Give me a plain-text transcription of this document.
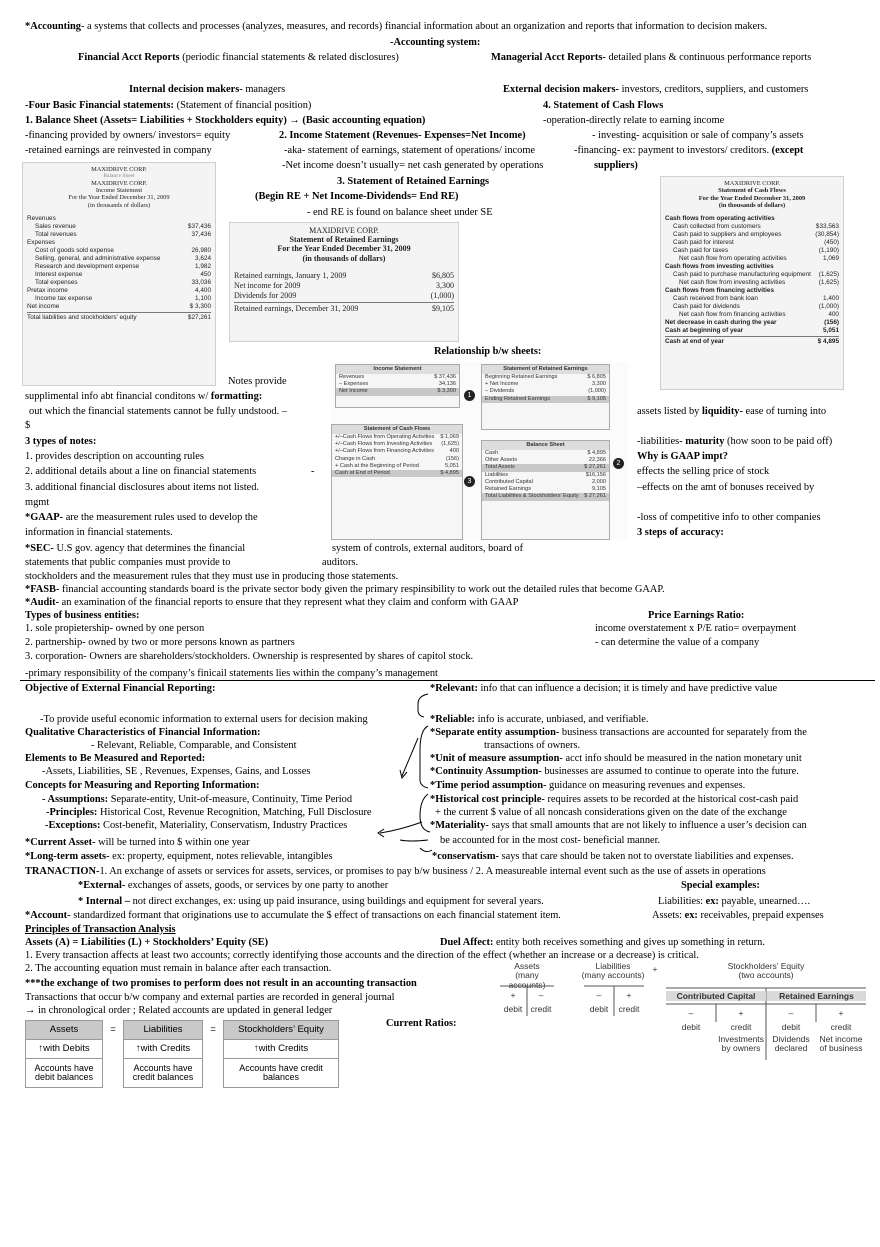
*Accounting- a systems that collects and processes (analyzes, measures, and records) financial information about an organization and reports that information to decision makers.
-Accounting system:
Financial Acct Reports (periodic financial statements & related disclosures)	Managerial Acct Reports- detailed plans & continuous performance reports
Internal decision makers- managers	External decision makers- investors, creditors, suppliers, and customers
-Four Basic Financial statements: (Statement of financial position)	4. Statement of Cash Flows
1. Balance Sheet (Assets= Liabilities + Stockholders equity) → (Basic accounting equation)	-operation-directly relate to earning income
-financing provided by owners/ investors= equity	2. Income Statement (Revenues- Expenses=Net Income)	- investing- acquisition or sale of company’s assets
-retained earnings are reinvested in company	-aka- statement of earnings, statement of operations/ income	-financing- ex: payment to investors/ creditors. (except
-Net income doesn’t usually= net cash generated by operations	suppliers)
3. Statement of Retained Earnings
(Begin RE + Net Income-Dividends= End RE)
- end RE is found on balance sheet under SE
MAXIDRIVE CORP.
Balance Sheet
MAXIDRIVE CORP.
Income Statement
For the Year Ended December 31, 2009
(in thousands of dollars)
Revenues
Sales revenue	$37,436
Total revenues	37,436
Expenses
Cost of goods sold expense	26,980
Selling, general, and administrative expense	3,624
Research and development expense	1,982
Interest expense	450
Total expenses	33,036
Pretax income	4,400
Income tax expense	1,100
Net income	$ 3,300
Total liabilities and stockholders’ equity	$27,261
MAXIDRIVE CORP.
Statement of Retained Earnings
For the Year Ended December 31, 2009
(in thousands of dollars)
Retained earnings, January 1, 2009	$6,805
Net income for 2009	3,300
Dividends for 2009	(1,000)
Retained earnings, December 31, 2009	$9,105
MAXIDRIVE CORP.
Statement of Cash Flows
For the Year Ended December 31, 2009
(in thousands of dollars)
Cash flows from operating activities
Cash collected from customers	$33,563
Cash paid to suppliers and employees	(30,854)
Cash paid for interest	(450)
Cash paid for taxes	(1,190)
Net cash flow from operating activities	1,069
Cash flows from investing activities
Cash paid to purchase manufacturing equipment (1,625)
Net cash flow from investing activities	(1,625)
Cash flows from financing activities
Cash received from bank loan	1,400
Cash paid for dividends	(1,000)
Net cash flow from financing activities	400
Net decrease in cash during the year	(156)
Cash at beginning of year	5,051
Cash at end of year	$ 4,895
Relationship b/w sheets:
Income Statement
Revenues	$ 37,436
– Expenses	34,136
Net Income	$ 3,300
1
Statement of Retained Earnings
Beginning Retained Earnings	$ 6,805
+ Net Income	3,300
– Dividends	(1,000)
Ending Retained Earnings	$ 9,105
Statement of Cash Flows
+/–Cash Flows from Operating Activities $ 1,069
+/–Cash Flows from Investing Activities (1,625)
+/–Cash Flows from Financing Activities	400
Change in Cash	(156)
+ Cash at the Beginning of Period	5,051
Cash at End of Period	$ 4,895
3
Balance Sheet
Cash	$ 4,895
Other Assets	22,366
Total Assets	$ 27,261
Liabilities	$16,156
Contributed Capital	2,000
Retained Earnings	9,105
Total Liabilities & Stockholders’ Equity $ 27,261
2
Notes provide
supplimental info abt financial conditons w/ formatting:
out which the financial statements cannot be fully undstood. –
$
3 types of notes:
1. provides description on accounting rules
2. additional details about a line on financial statements	-
3. additional financial disclosures about items not listed.
mgmt
*GAAP- are the measurement rules used to develop the
information in financial statements.
*SEC- U.S gov. agency that determines the financial	system of controls, external auditors, board of
statements that public companies must provide to	auditors.
stockholders and the measurement rules that they must use in producing those statements.
*FASB- financial accounting standards board is the private sector body given the primary respinsibility to work out the detailed rules that become GAAP.
*Audit- an examination of the financial reports to ensure that they represent what they claim and conform with GAAP
assets listed by liquidity- ease of turning into
-liabilities- maturity (how soon to be paid off)
Why is GAAP impt?
effects the selling price of stock
–effects on the amt of bonuses received by
-loss of competitive info to other companies
3 steps of accuracy:
Types of business entities:	Price Earnings Ratio:
1. sole propietership- owned by one person	income overstatement x P/E ratio= overpayment
2. partnership- owned by two or more persons known as partners	- can determine the value of a company
3. corporation- Owners are shareholders/stockholders. Ownership is respresented by shares of capitol stock.
-primary responsibility of the company’s finicail statements lies within the company’s management
Objective of External Financial Reporting:
-To provide useful economic information to external users for decision making
Qualitative Characteristics of Financial Information:
- Relevant, Reliable, Comparable, and Consistent
Elements to Be Measured and Reported:
-Assets, Liabilities, SE , Revenues, Expenses, Gains, and Losses
Concepts for Measuring and Reporting Information:
- Assumptions: Separate-entity, Unit-of-measure, Continuity, Time Period
-Principles: Historical Cost, Revenue Recognition, Matching, Full Disclosure
-Exceptions: Cost-benefit, Materiality, Conservatism, Industry Practices
*Current Asset- will be turned into $ within one year
*Long-term assets- ex: property, equipment, notes relievable, intangibles
*Relevant: info that can influence a decision; it is timely and have predictive value
*Reliable: info is accurate, unbiased, and verifiable.
*Separate entity assumption- business transactions are accounted for separately from the
transactions of owners.
*Unit of measure assumption- acct info should be measured in the nation monetary unit
*Continuity Assumption- businesses are assumed to continue to operate into the future.
*Time period assumption- guidance on measuring revenues and expenses.
*Historical cost principle- requires assets to be recorded at the historical cost-cash paid
+ the current $ value of all noncash considerations given on the date of the exchange
*Materiality- says that small amounts that are not likely to influence a user’s decision can
be accounted for in the most cost- beneficial manner.
*conservatism- says that care should be taken not to overstate liabilities and expenses.
TRANACTION-1. An exchange of assets or services for assets, services, or promises to pay b/w business / 2. A measureable internal event such as the use of assets in operations
*External- exchanges of assets, goods, or services by one party to another	Special examples:
* Internal – not direct exchanges, ex: using up paid insurance, using buildings and equipment for several years.	Liabilities: ex: payable, unearned….
*Account- standardized formant that originations use to accumulate the $ effect of transactions on each financial statement item.	Assets: ex: receivables, prepaid expenses
Principles of Transaction Analysis
Assets (A) = Liabilities (L) + Stockholders’ Equity (SE)	Duel Affect: entity both receives something and gives up something in return.
1. Every transaction affects at least two accounts; correctly identifying those accounts and the direction of the effect (whether an increase or a decrease) is critical.
2. The accounting equation must remain in balance after each transaction.
***the exchange of two promises to perform does not result in an accounting transaction
Transactions that occur b/w company and external parties are recorded in general journal
→ in chronological order ; Related accounts are updated in general ledger
Current Ratios:
Assets	=	Liabilities	=	Stockholders’ Equity
↑with Debits		↑with Credits		↑with Credits
Accounts have debit balances		Accounts have credit balances		Accounts have credit balances
Assets
(many accounts)
Liabilities
(many accounts)
+	Stockholders’ Equity
(two accounts)
+	–
debit credit
–	+
debit	credit
Contributed Capital	Retained Earnings
–	+
debit	credit
–	+
debit	credit
Investments by owners
Dividends declared
Net income of business
